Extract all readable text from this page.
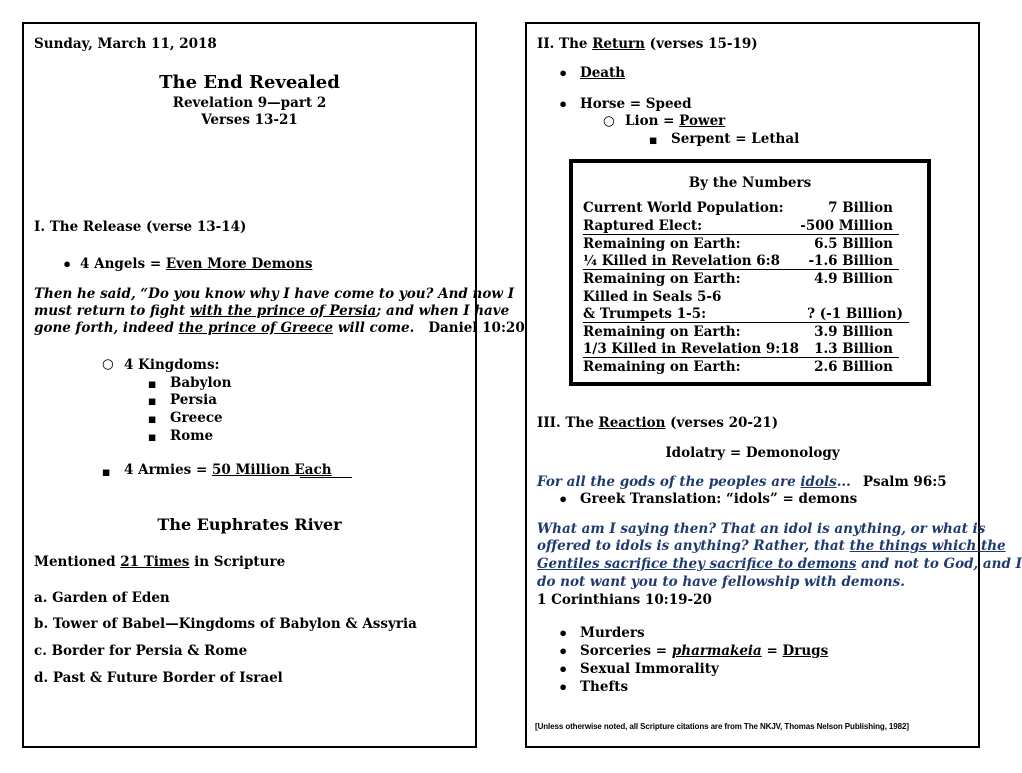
Sunday, March 11, 2018
The End Revealed
Revelation 9—part 2
Verses 13-21
I. The Release (verse 13-14)
• 4 Angels = Even More Demons
Then he said, “Do you know why I have come to you? And now I
must return to fight with the prince of Persia; and when I have
gone forth, indeed the prince of Greece will come. Daniel 10:20
○ 4 Kingdoms:
■ Babylon
■ Persia
■ Greece
■ Rome
■ 4 Armies = 50 Million Each
The Euphrates River
Mentioned 21 Times in Scripture
a. Garden of Eden
b. Tower of Babel—Kingdoms of Babylon & Assyria
c. Border for Persia & Rome
d. Past & Future Border of Israel
II. The Return (verses 15-19)
• Death
• Horse = Speed
○ Lion = Power
■ Serpent = Lethal
By the Numbers
Current World Population:	7 Billion
Raptured Elect:	-500 Million
Remaining on Earth:	6.5 Billion
¼ Killed in Revelation 6:8 -1.6 Billion
Remaining on Earth:	4.9 Billion
Killed in Seals 5-6
& Trumpets 1-5:	? (-1 Billion)
Remaining on Earth:	3.9 Billion
1/3 Killed in Revelation 9:18 1.3 Billion
Remaining on Earth:	2.6 Billion
III. The Reaction (verses 20-21)
Idolatry = Demonology
For all the gods of the peoples are idols... Psalm 96:5
• Greek Translation: “idols” = demons
What am I saying then? That an idol is anything, or what is
offered to idols is anything? Rather, that the things which the
Gentiles sacrifice they sacrifice to demons and not to God, and I
do not want you to have fellowship with demons.
1 Corinthians 10:19-20
• Murders
• Sorceries = pharmakeia = Drugs
• Sexual Immorality
• Thefts
[Unless otherwise noted, all Scripture citations are from The NKJV, Thomas Nelson Publishing, 1982]
